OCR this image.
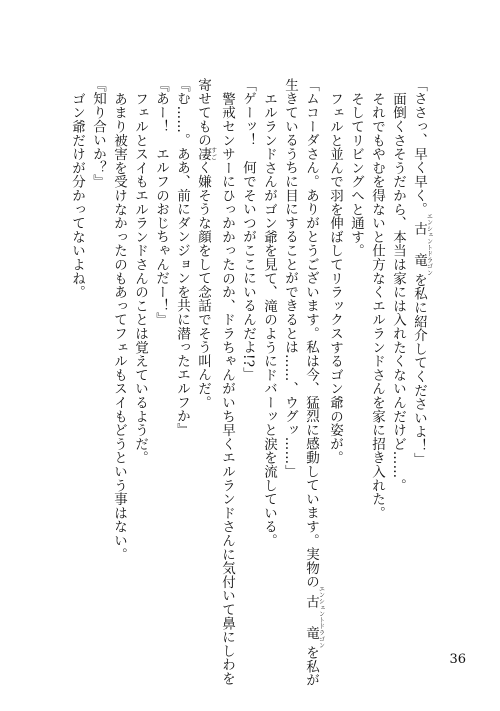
「ささっ、早く早く。古竜エンシェントドラゴンを私に紹介してくださいよ！」
面倒くさそうだから、本当は家には入れたくないんだけど……。
それでもやむを得ないと仕方なくエルランドさんを家に招き入れた。
そしてリビングへと通す。
フェルと並んで羽を伸ばしてリラックスするゴン爺の姿が。
「ムコーダさん。ありがとうございます。私は今、猛烈に感動しています。実物の古竜エンシェントドラゴンを私が
生きているうちに目にすることができるとは……、ウグッ……」
エルランドさんがゴン爺を見て、滝のようにドバーッと涙を流している。
「ゲーッ！　何でそいつがここにいるんだよ!?」
警戒センサーにひっかかったのか、ドラちゃんがいち早くエルランドさんに気付いて鼻にしわを
寄せてもの凄すごく嫌そうな顔をして念話でそう叫んだ。
『む……。ああ、前にダンジョンを共に潜ったエルフか』
『あー！　エルフのおじちゃんだー！』
フェルとスイもエルランドさんのことは覚えているようだ。
あまり被害を受けなかったのもあってフェルもスイもどうという事はない。
『知り合いか？』
ゴン爺だけが分かってないよね。
36
